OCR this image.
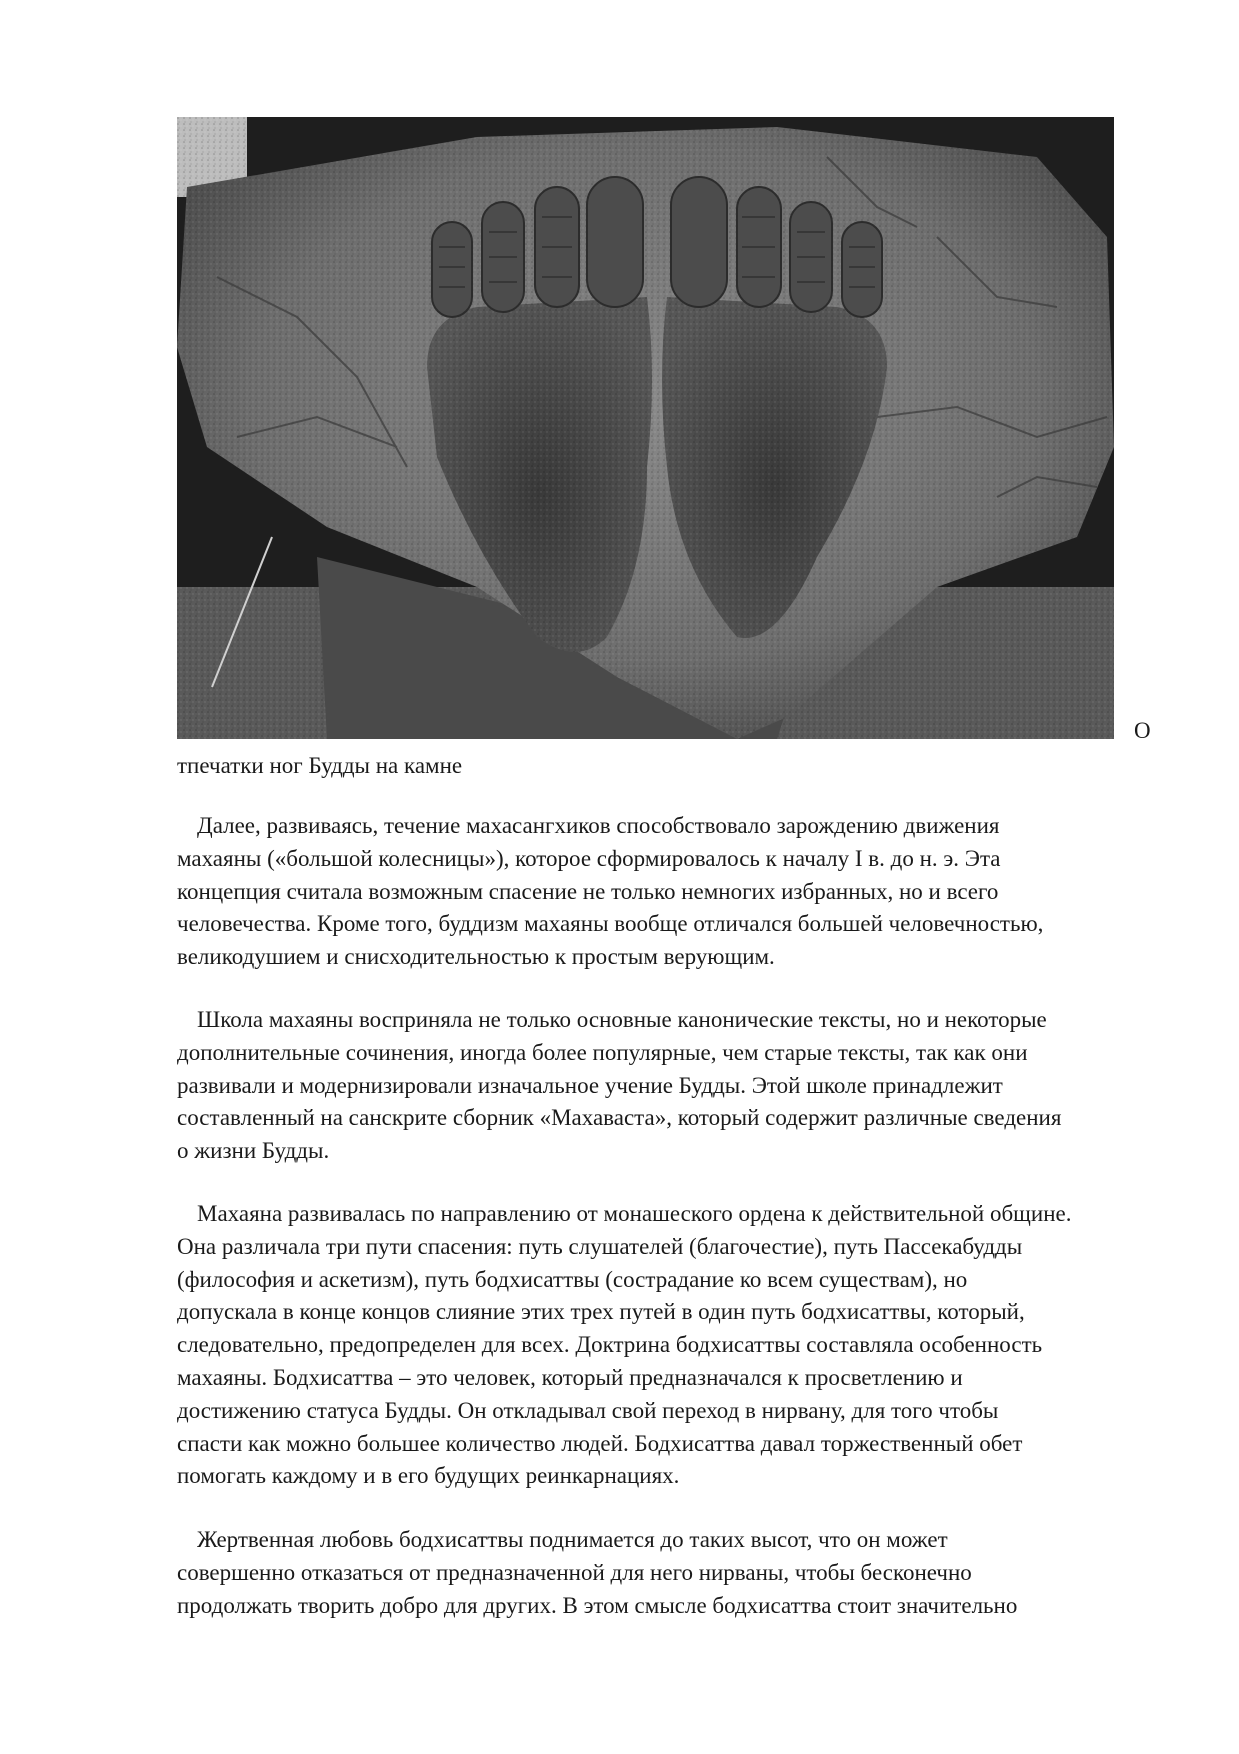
О
тпечатки ног Будды на камне

Далее, развиваясь, течение махасангхиков способствовало зарождению движения
махаяны («большой колесницы»), которое сформировалось к началу I в. до н. э. Эта
концепция считала возможным спасение не только немногих избранных, но и всего
человечества. Кроме того, буддизм махаяны вообще отличался большей человечностью,
великодушием и снисходительностью к простым верующим.

Школа махаяны восприняла не только основные канонические тексты, но и некоторые
дополнительные сочинения, иногда более популярные, чем старые тексты, так как они
развивали и модернизировали изначальное учение Будды. Этой школе принадлежит
составленный на санскрите сборник «Махаваста», который содержит различные сведения
о жизни Будды.

Махаяна развивалась по направлению от монашеского ордена к действительной общине.
Она различала три пути спасения: путь слушателей (благочестие), путь Пассекабудды
(философия и аскетизм), путь бодхисаттвы (сострадание ко всем существам), но
допускала в конце концов слияние этих трех путей в один путь бодхисаттвы, который,
следовательно, предопределен для всех. Доктрина бодхисаттвы составляла особенность
махаяны. Бодхисаттва – это человек, который предназначался к просветлению и
достижению статуса Будды. Он откладывал свой переход в нирвану, для того чтобы
спасти как можно большее количество людей. Бодхисаттва давал торжественный обет
помогать каждому и в его будущих реинкарнациях.

Жертвенная любовь бодхисаттвы поднимается до таких высот, что он может
совершенно отказаться от предназначенной для него нирваны, чтобы бесконечно
продолжать творить добро для других. В этом смысле бодхисаттва стоит значительно
